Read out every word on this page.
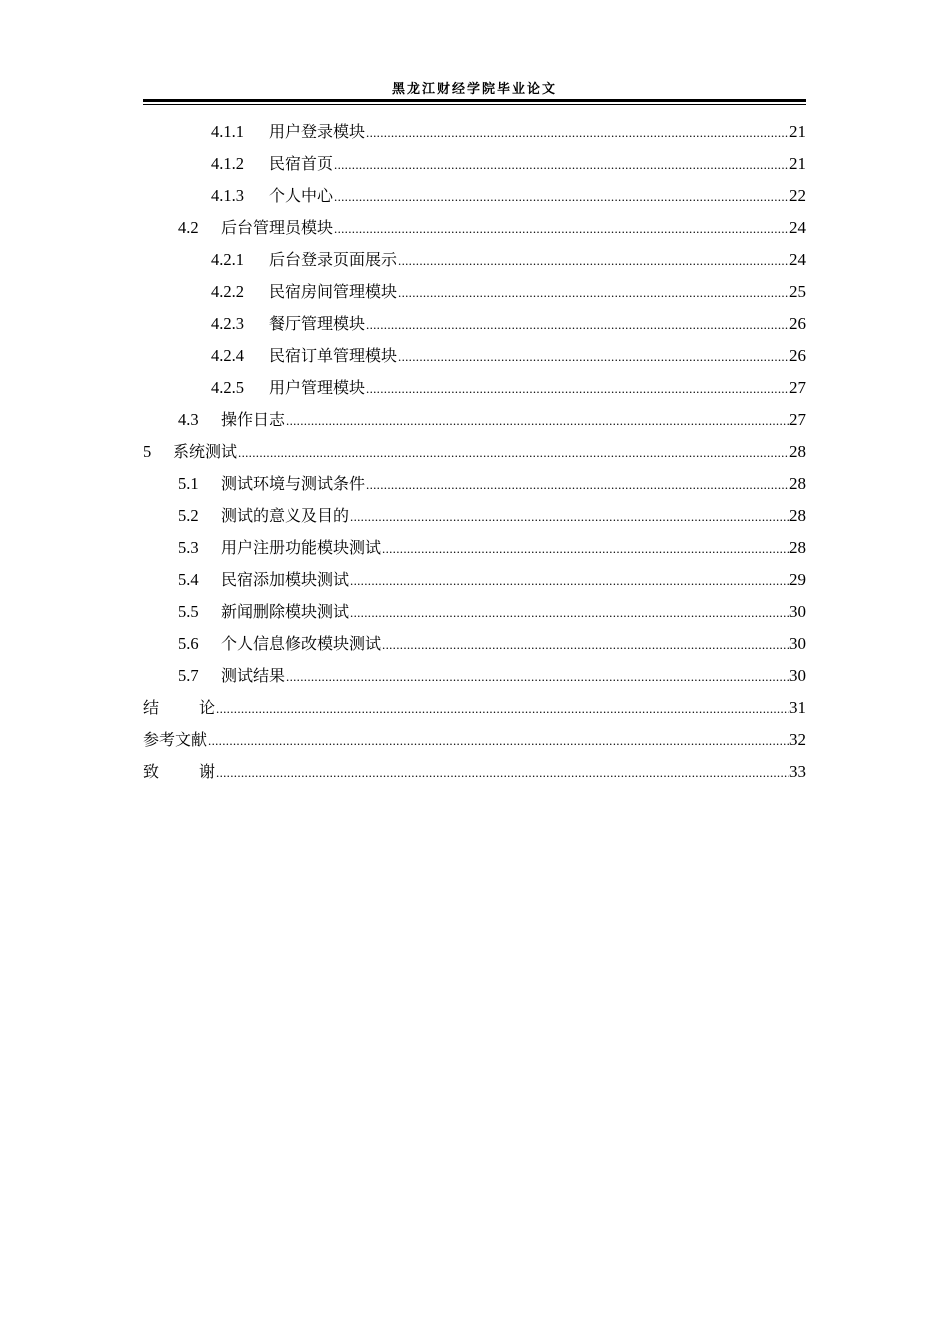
黑龙江财经学院毕业论文
4.1.1	用户登录模块 .....	21
4.1.2	民宿首页 .....	21
4.1.3	个人中心 .....	22
4.2	后台管理员模块 .....	24
4.2.1	后台登录页面展示 .....	24
4.2.2	民宿房间管理模块 .....	25
4.2.3	餐厅管理模块 .....	26
4.2.4	民宿订单管理模块 .....	26
4.2.5	用户管理模块 .....	27
4.3	操作日志 .....	27
5	系统测试 .....	28
5.1	测试环境与测试条件 .....	28
5.2	测试的意义及目的 .....	28
5.3	用户注册功能模块测试 .....	28
5.4	民宿添加模块测试 .....	29
5.5	新闻删除模块测试 .....	30
5.6	个人信息修改模块测试 .....	30
5.7	测试结果 .....	30
结论 .....	31
参考文献 .....	32
致谢 .....	33
